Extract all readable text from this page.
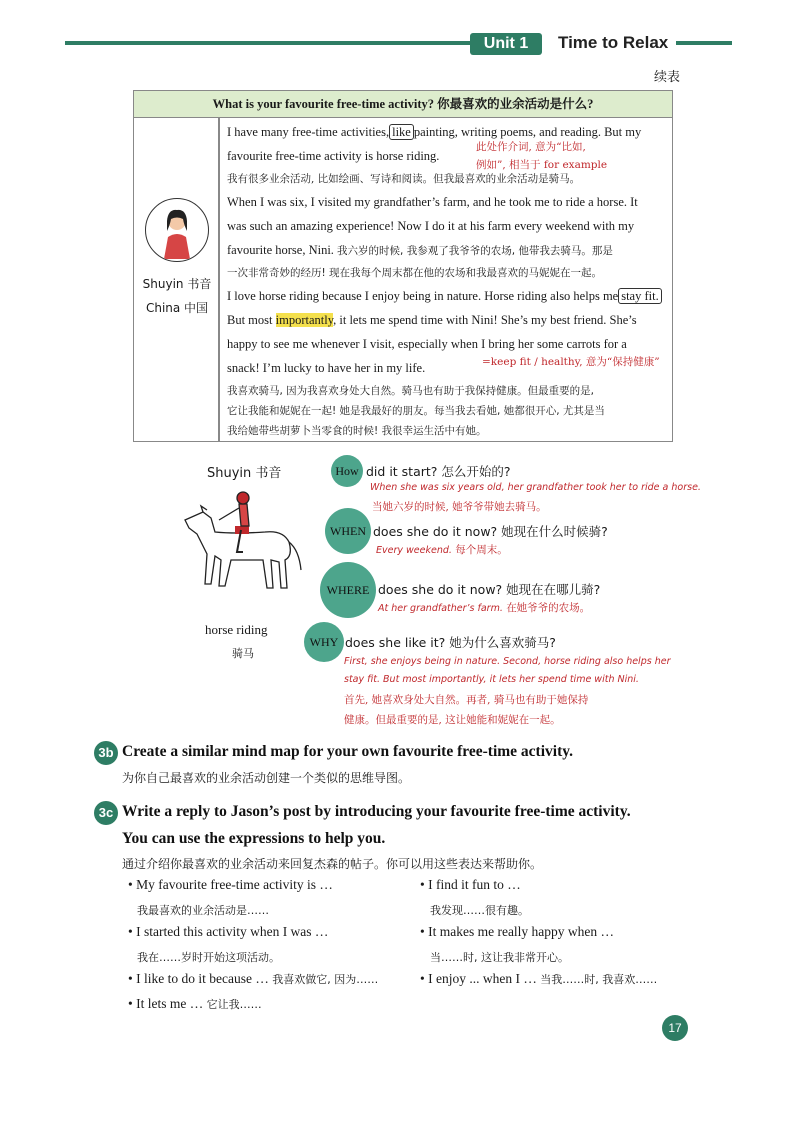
Unit 1	Time to Relax
续表
What is your favourite free-time activity? 你最喜欢的业余活动是什么?
Shuyin 书音
China 中国
I have many free-time activities, like painting, writing poems, and reading. But my
favourite free-time activity is horse riding.
此处作介词, 意为“比如,
例如”, 相当于 for example
我有很多业余活动, 比如绘画、写诗和阅读。但我最喜欢的业余活动是骑马。
When I was six, I visited my grandfather’s farm, and he took me to ride a horse. It
was such an amazing experience! Now I do it at his farm every weekend with my
favourite horse, Nini. 我六岁的时候, 我参观了我爷爷的农场, 他带我去骑马。那是
一次非常奇妙的经历! 现在我每个周末都在他的农场和我最喜欢的马妮妮在一起。
I love horse riding because I enjoy being in nature. Horse riding also helps me stay fit.
But most importantly, it lets me spend time with Nini! She’s my best friend. She’s
happy to see me whenever I visit, especially when I bring her some carrots for a
snack! I’m lucky to have her in my life.	=keep fit / healthy, 意为“保持健康”
我喜欢骑马, 因为我喜欢身处大自然。骑马也有助于我保持健康。但最重要的是,
它让我能和妮妮在一起! 她是我最好的朋友。每当我去看她, 她都很开心, 尤其是当
我给她带些胡萝卜当零食的时候! 我很幸运生活中有她。
Shuyin 书音
horse riding
骑马
How did it start? 怎么开始的?
When she was six years old, her grandfather took her to ride a horse.
当她六岁的时候, 她爷爷带她去骑马。
WHEN does she do it now? 她现在什么时候骑?
Every weekend. 每个周末。
WHERE does she do it now? 她现在在哪儿骑?
At her grandfather’s farm. 在她爷爷的农场。
WHY does she like it? 她为什么喜欢骑马?
First, she enjoys being in nature. Second, horse riding also helps her
stay fit. But most importantly, it lets her spend time with Nini.
首先, 她喜欢身处大自然。再者, 骑马也有助于她保持
健康。但最重要的是, 这让她能和妮妮在一起。
3b Create a similar mind map for your own favourite free-time activity.
为你自己最喜欢的业余活动创建一个类似的思维导图。
3c Write a reply to Jason’s post by introducing your favourite free-time activity.
You can use the expressions to help you.
通过介绍你最喜欢的业余活动来回复杰森的帖子。你可以用这些表达来帮助你。
• My favourite free-time activity is …
我最喜欢的业余活动是……
• I find it fun to …
我发现……很有趣。
• I started this activity when I was …
我在……岁时开始这项活动。
• It makes me really happy when …
当……时, 这让我非常开心。
• I like to do it because … 我喜欢做它, 因为……	• I enjoy ... when I … 当我……时, 我喜欢……
• It lets me … 它让我……
17
